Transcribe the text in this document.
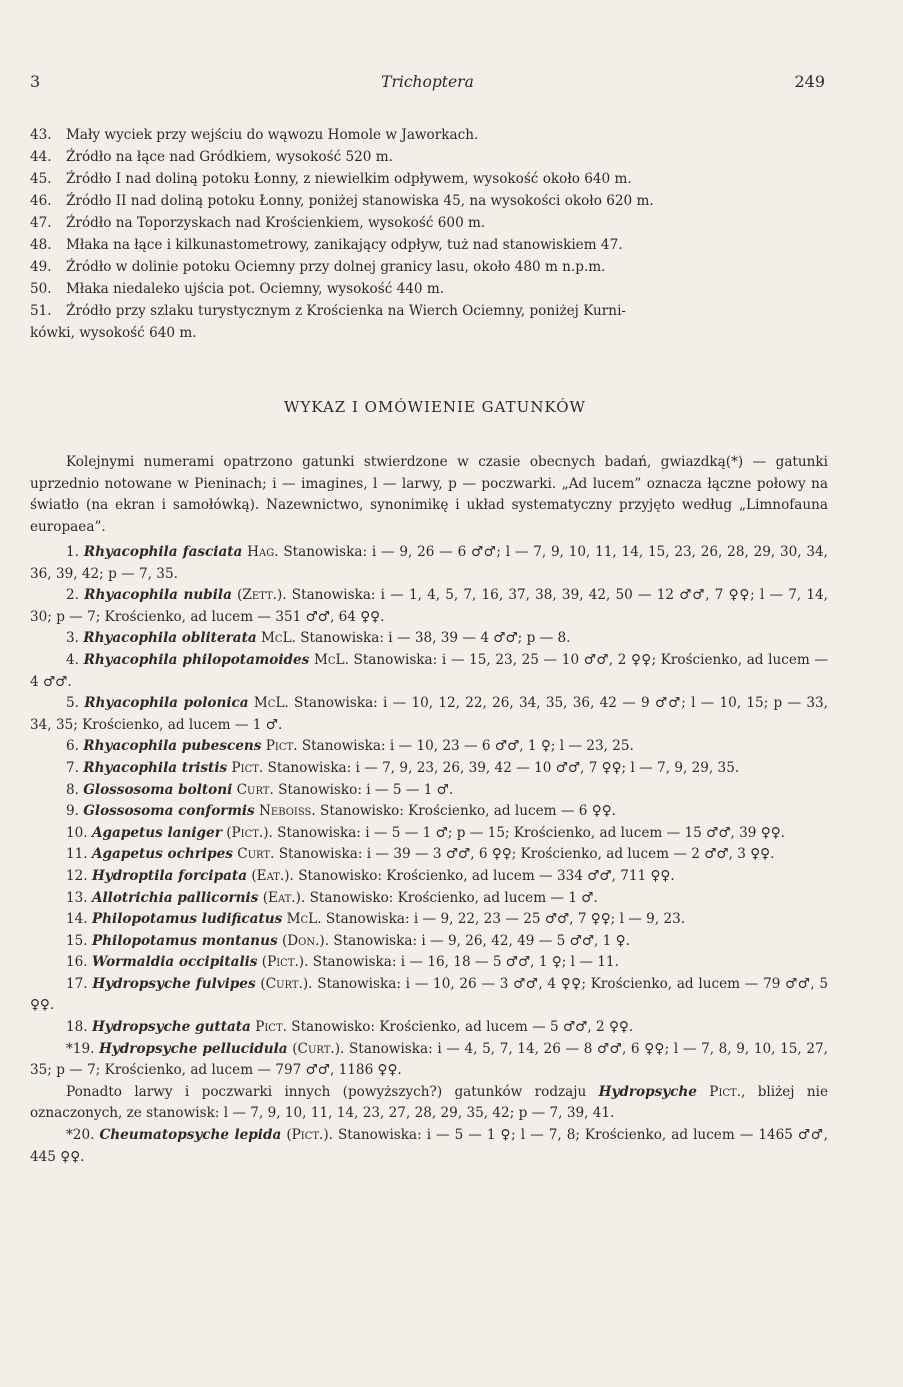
3	Trichoptera	249
43. Mały wyciek przy wejściu do wąwozu Homole w Jaworkach.
44. Źródło na łące nad Gródkiem, wysokość 520 m.
45. Źródło I nad doliną potoku Łonny, z niewielkim odpływem, wysokość około 640 m.
46. Źródło II nad doliną potoku Łonny, poniżej stanowiska 45, na wysokości około 620 m.
47. Źródło na Toporzyskach nad Krościenkiem, wysokość 600 m.
48. Młaka na łące i kilkunastometrowy, zanikający odpływ, tuż nad stanowiskiem 47.
49. Źródło w dolinie potoku Ociemny przy dolnej granicy lasu, około 480 m n.p.m.
50. Młaka niedaleko ujścia pot. Ociemny, wysokość 440 m.
51. Źródło przy szlaku turystycznym z Krościenka na Wierch Ociemny, poniżej Kurni-
kówki, wysokość 640 m.
WYKAZ I OMÓWIENIE GATUNKÓW

Kolejnymi numerami opatrzono gatunki stwierdzone w czasie obecnych badań, gwiazdką(*) — gatunki uprzednio notowane w Pieninach; i — imagines, l — larwy, p — poczwarki. „Ad lucem” oznacza łączne połowy na światło (na ekran i samołówką). Nazewnictwo, synonimikę i układ systematyczny przyjęto według „Limnofauna europaea”.

1. Rhyacophila fasciata Hag. Stanowiska: i — 9, 26 — 6 ♂♂; l — 7, 9, 10, 11, 14, 15, 23, 26, 28, 29, 30, 34, 36, 39, 42; p — 7, 35.

2. Rhyacophila nubila (Zett.). Stanowiska: i — 1, 4, 5, 7, 16, 37, 38, 39, 42, 50 — 12 ♂♂, 7 ♀♀; l — 7, 14, 30; p — 7; Krościenko, ad lucem — 351 ♂♂, 64 ♀♀.

3. Rhyacophila obliterata McL. Stanowiska: i — 38, 39 — 4 ♂♂; p — 8.

4. Rhyacophila philopotamoides McL. Stanowiska: i — 15, 23, 25 — 10 ♂♂, 2 ♀♀; Krościenko, ad lucem — 4 ♂♂.

5. Rhyacophila polonica McL. Stanowiska: i — 10, 12, 22, 26, 34, 35, 36, 42 — 9 ♂♂; l — 10, 15; p — 33, 34, 35; Krościenko, ad lucem — 1 ♂.

6. Rhyacophila pubescens Pict. Stanowiska: i — 10, 23 — 6 ♂♂, 1 ♀; l — 23, 25.

7. Rhyacophila tristis Pict. Stanowiska: i — 7, 9, 23, 26, 39, 42 — 10 ♂♂, 7 ♀♀; l — 7, 9, 29, 35.

8. Glossosoma boltoni Curt. Stanowisko: i — 5 — 1 ♂.

9. Glossosoma conformis Neboiss. Stanowisko: Krościenko, ad lucem — 6 ♀♀.

10. Agapetus laniger (Pict.). Stanowiska: i — 5 — 1 ♂; p — 15; Krościenko, ad lucem — 15 ♂♂, 39 ♀♀.

11. Agapetus ochripes Curt. Stanowiska: i — 39 — 3 ♂♂, 6 ♀♀; Krościenko, ad lucem — 2 ♂♂, 3 ♀♀.

12. Hydroptila forcipata (Eat.). Stanowisko: Krościenko, ad lucem — 334 ♂♂, 711 ♀♀.

13. Allotrichia pallicornis (Eat.). Stanowisko: Krościenko, ad lucem — 1 ♂.

14. Philopotamus ludificatus McL. Stanowiska: i — 9, 22, 23 — 25 ♂♂, 7 ♀♀; l — 9, 23.

15. Philopotamus montanus (Don.). Stanowiska: i — 9, 26, 42, 49 — 5 ♂♂, 1 ♀.

16. Wormaldia occipitalis (Pict.). Stanowiska: i — 16, 18 — 5 ♂♂, 1 ♀; l — 11.

17. Hydropsyche fulvipes (Curt.). Stanowiska: i — 10, 26 — 3 ♂♂, 4 ♀♀; Krościenko, ad lucem — 79 ♂♂, 5 ♀♀.

18. Hydropsyche guttata Pict. Stanowisko: Krościenko, ad lucem — 5 ♂♂, 2 ♀♀.

*19. Hydropsyche pellucidula (Curt.). Stanowiska: i — 4, 5, 7, 14, 26 — 8 ♂♂, 6 ♀♀; l — 7, 8, 9, 10, 15, 27, 35; p — 7; Krościenko, ad lucem — 797 ♂♂, 1186 ♀♀.

Ponadto larwy i poczwarki innych (powyższych?) gatunków rodzaju Hydropsyche Pict., bliżej nie oznaczonych, ze stanowisk: l — 7, 9, 10, 11, 14, 23, 27, 28, 29, 35, 42; p — 7, 39, 41.

*20. Cheumatopsyche lepida (Pict.). Stanowiska: i — 5 — 1 ♀; l — 7, 8; Krościenko, ad lucem — 1465 ♂♂, 445 ♀♀.
